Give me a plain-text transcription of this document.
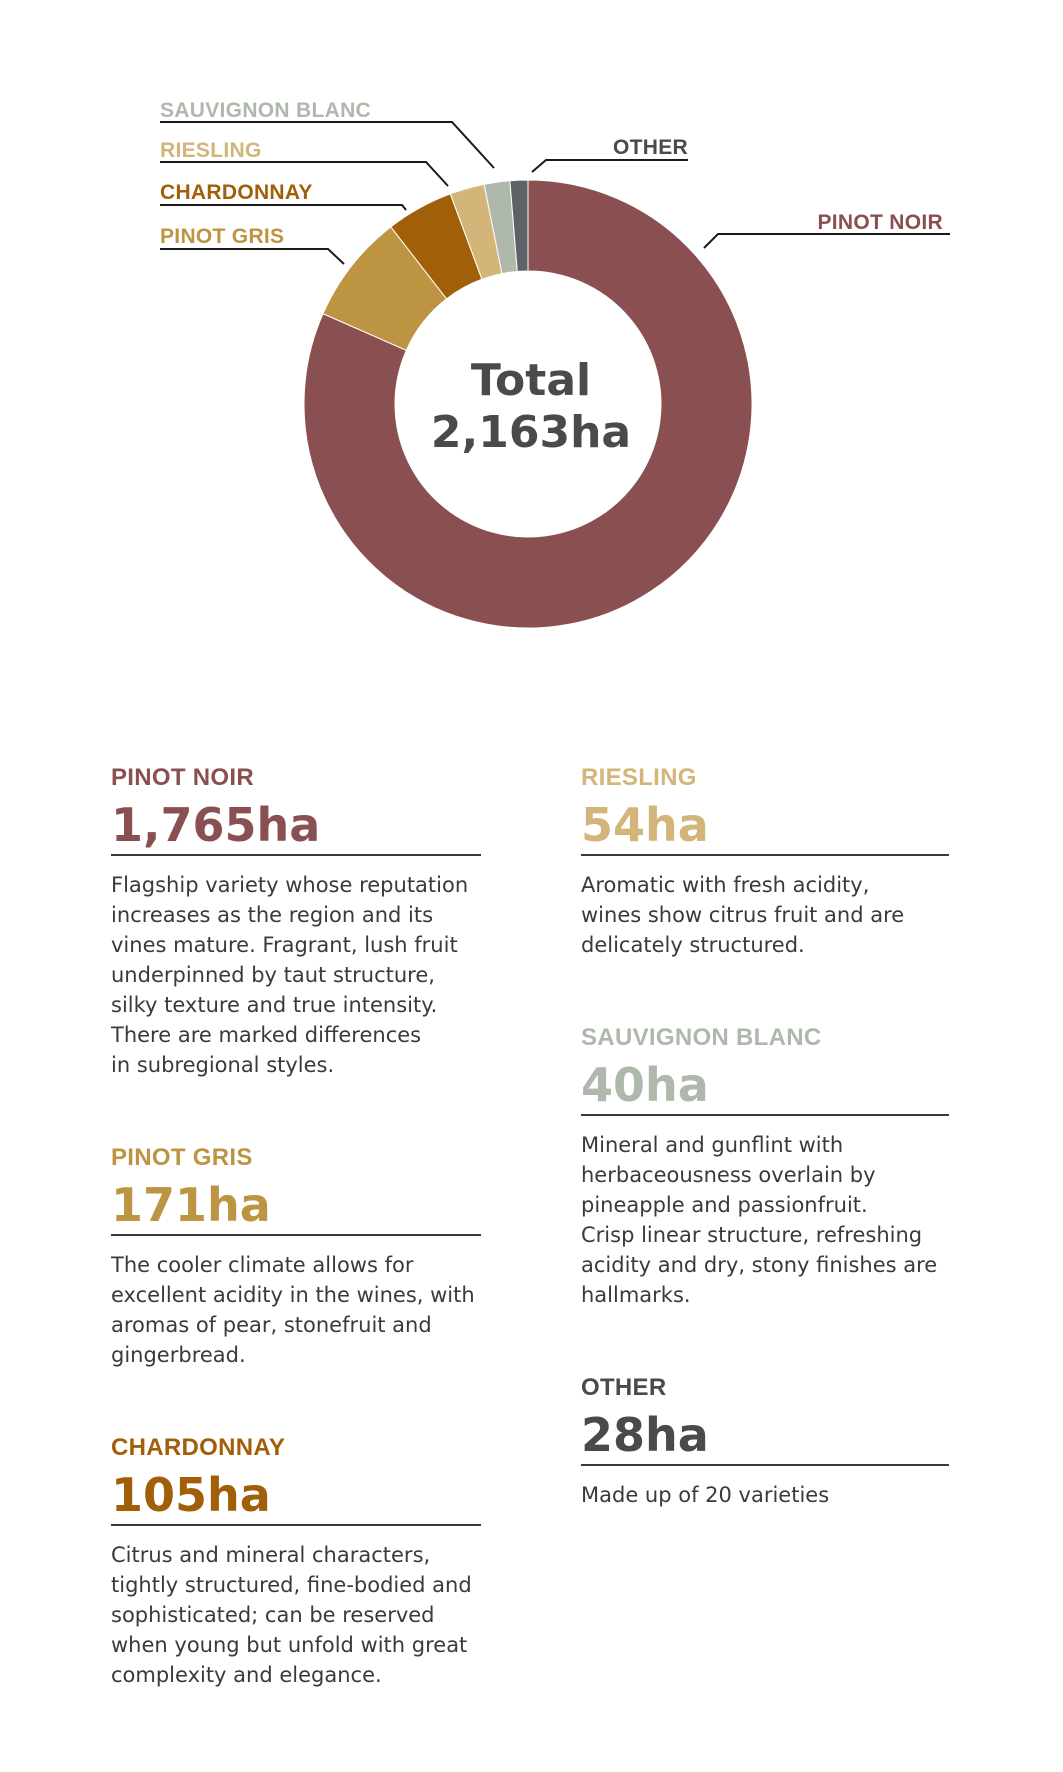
SAUVIGNON BLANC
RIESLING
CHARDONNAY
PINOT GRIS
OTHER
PINOT NOIR
Total
2,163ha
PINOT NOIR
1,765ha

Flagship variety whose reputation
increases as the region and its
vines mature. Fragrant, lush fruit
underpinned by taut structure,
silky texture and true intensity.
There are marked differences
in subregional styles.

PINOT GRIS
171ha

The cooler climate allows for
excellent acidity in the wines, with
aromas of pear, stonefruit and
gingerbread.

CHARDONNAY
105ha

Citrus and mineral characters,
tightly structured, fine-bodied and
sophisticated; can be reserved
when young but unfold with great
complexity and elegance.

RIESLING
54ha

Aromatic with fresh acidity,
wines show citrus fruit and are
delicately structured.

SAUVIGNON BLANC
40ha

Mineral and gunflint with
herbaceousness overlain by
pineapple and passionfruit.
Crisp linear structure, refreshing
acidity and dry, stony finishes are
hallmarks.

OTHER
28ha

Made up of 20 varieties
